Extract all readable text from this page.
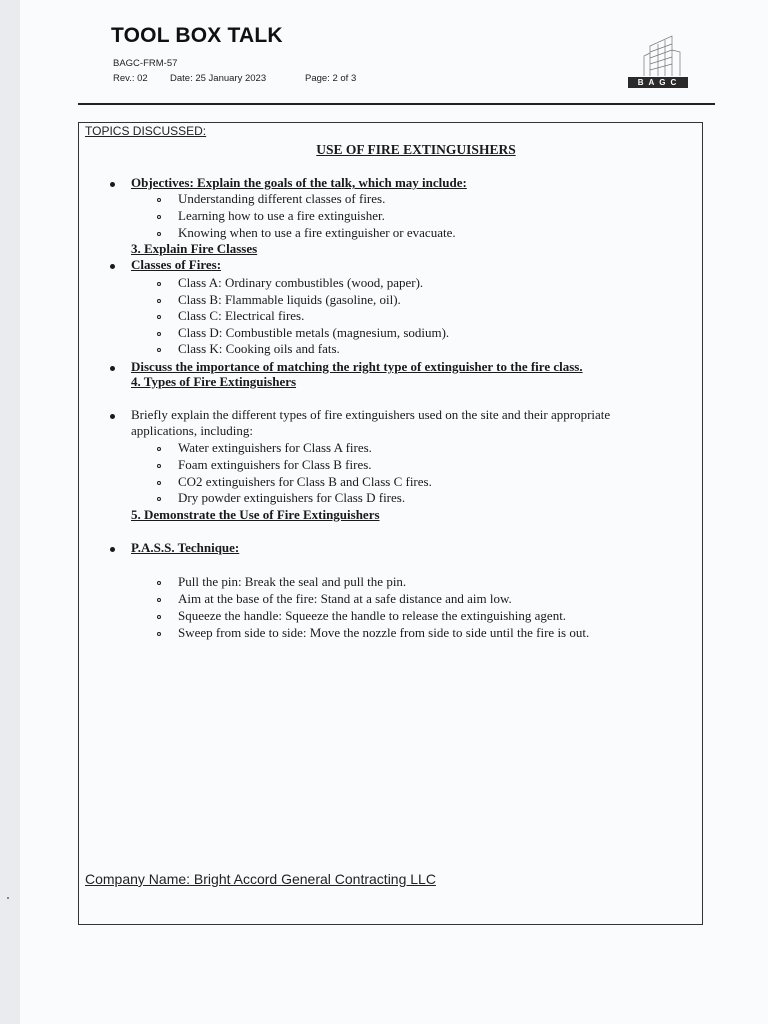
TOOL BOX TALK
BAGC-FRM-57
Rev.: 02 Date: 25 January 2023	Page: 2 of 3	BAGC
TOPICS DISCUSSED:
USE OF FIRE EXTINGUISHERS
Objectives: Explain the goals of the talk, which may include:
Understanding different classes of fires.
Learning how to use a fire extinguisher.
Knowing when to use a fire extinguisher or evacuate.
3. Explain Fire Classes
Classes of Fires:
Class A: Ordinary combustibles (wood, paper).
Class B: Flammable liquids (gasoline, oil).
Class C: Electrical fires.
Class D: Combustible metals (magnesium, sodium).
Class K: Cooking oils and fats.
Discuss the importance of matching the right type of extinguisher to the fire class.
4. Types of Fire Extinguishers
Briefly explain the different types of fire extinguishers used on the site and their appropriate
applications, including:
Water extinguishers for Class A fires.
Foam extinguishers for Class B fires.
CO2 extinguishers for Class B and Class C fires.
Dry powder extinguishers for Class D fires.
5. Demonstrate the Use of Fire Extinguishers
P.A.S.S. Technique:
Pull the pin: Break the seal and pull the pin.
Aim at the base of the fire: Stand at a safe distance and aim low.
Squeeze the handle: Squeeze the handle to release the extinguishing agent.
Sweep from side to side: Move the nozzle from side to side until the fire is out.
Company Name: Bright Accord General Contracting LLC
